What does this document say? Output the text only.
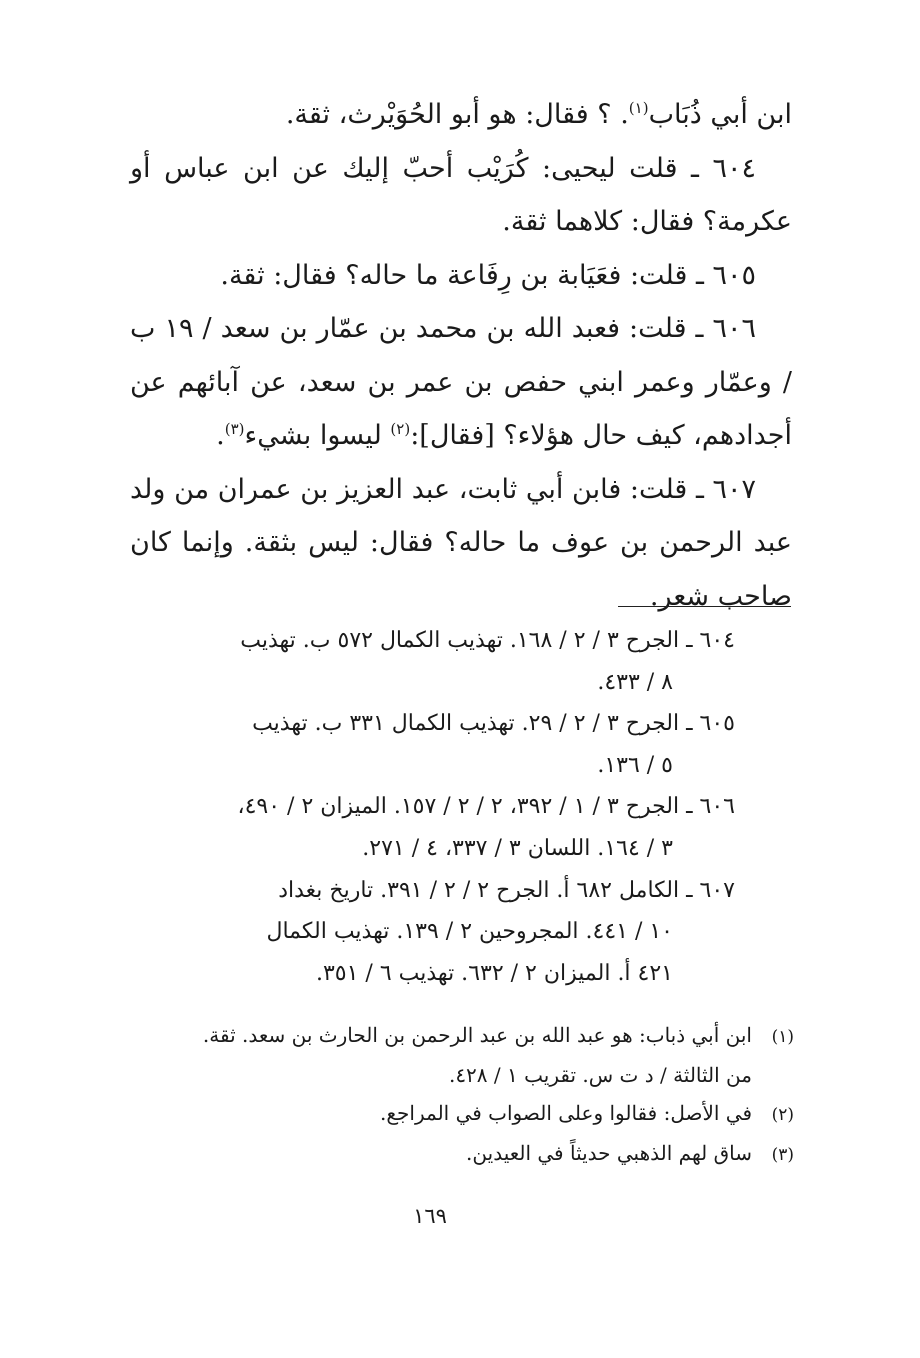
ابن أبي ذُبَاب$^{(١)}$. ؟ فقال: هو أبو الحُوَيْرث، ثقة.

٦٠٤ ـ قلت ليحيى: كُرَيْب أحبّ إليك عن ابن عباس أو عكرمة؟ فقال: كلاهما ثقة.

٦٠٥ ـ قلت: فعَيَابة بن رِفَاعة ما حاله؟ فقال: ثقة.

٦٠٦ ـ قلت: فعبد الله بن محمد بن عمّار بن سعد / ١٩ ب / وعمّار وعمر ابني حفص بن عمر بن سعد، عن آبائهم عن أجدادهم، كيف حال هؤلاء؟ [فقال]:$^{(٢)}$ ليسوا بشيء$^{(٣)}$.

٦٠٧ ـ قلت: فابن أبي ثابت، عبد العزيز بن عمران من ولد عبد الرحمن بن عوف ما حاله؟ فقال: ليس بثقة. وإنما كان صاحب شعر.

٦٠٤ ـ الجرح ٣ / ٢ / ١٦٨. تهذيب الكمال ٥٧٢ ب. تهذيب
٨ / ٤٣٣.

٦٠٥ ـ الجرح ٣ / ٢ / ٢٩. تهذيب الكمال ٣٣١ ب. تهذيب
٥ / ١٣٦.

٦٠٦ ـ الجرح ٣ / ١ / ٣٩٢، ٢ / ٢ / ١٥٧. الميزان ٢ / ٤٩٠،
٣ / ١٦٤. اللسان ٣ / ٣٣٧، ٤ / ٢٧١.

٦٠٧ ـ الكامل ٦٨٢ أ. الجرح ٢ / ٢ / ٣٩١. تاريخ بغداد
١٠ / ٤٤١. المجروحين ٢ / ١٣٩. تهذيب الكمال
٤٢١ أ. الميزان ٢ / ٦٣٢. تهذيب ٦ / ٣٥١.

(١)ابن أبي ذباب: هو عبد الله بن عبد الرحمن بن الحارث بن سعد. ثقة.
من الثالثة / د ت س. تقريب ١ / ٤٢٨.

(٢)في الأصل: فقالوا وعلى الصواب في المراجع.

(٣)ساق لهم الذهبي حديثاً في العيدين.

١٦٩
